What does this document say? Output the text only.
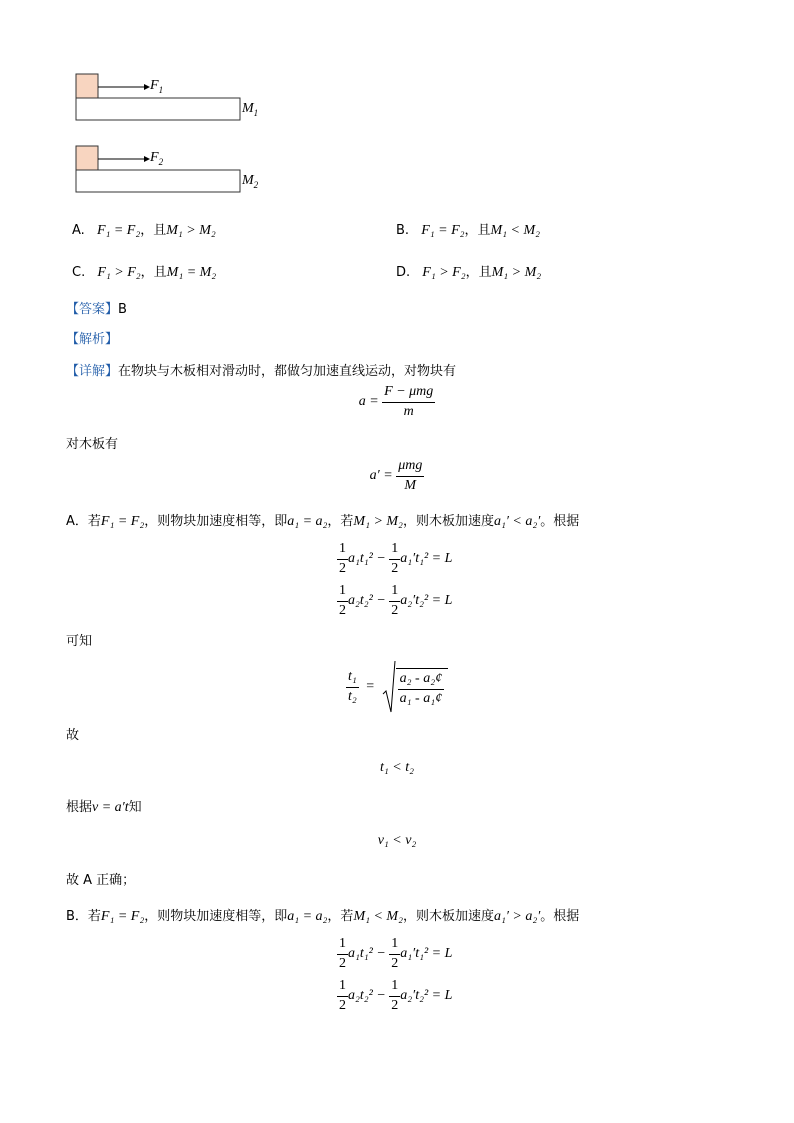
$F_1$
$M_1$
$F_2$
$M_2$
A. F₁ = F₂，且M₁ > M₂	B. F₁ = F₂，且M₁ < M₂
C. F₁ > F₂，且M₁ = M₂	D. F₁ > F₂，且M₁ > M₂
【答案】B
【解析】
【详解】在物块与木板相对滑动时，都做匀加速直线运动，对物块有
$a = \frac{\text{F − μmg}}{m}$
对木板有
$a' = \frac{\text{μmg}}{M}$
A．若F₁ = F₂，则物块加速度相等，即a₁ = a₂，若M₁ > M₂，则木板加速度a₁′ < a₂′。根据
$\frac{1}{2} a_1t_1^2 - \frac{1}{2} a_1't_1^2 = L$
$\frac{1}{2} a_2t_2^2 - \frac{1}{2} a_2't_2^2 = L$
可知
$\frac{\text{t₁}}{\text{t₂}} = \frac{\text{a₂ - a₂¢}}{\text{a₁ - a₁¢}}$
故
t₁ < t₂
根据v = a′t知
v₁ < v₂
故 A 正确；
B．若F₁ = F₂，则物块加速度相等，即a₁ = a₂，若M₁ < M₂，则木板加速度a₁′ > a₂′。根据
$\frac{1}{2} a_1t_1^2 - \frac{1}{2} a_1't_1^2 = L$
$\frac{1}{2} a_2t_2^2 - \frac{1}{2} a_2't_2^2 = L$
